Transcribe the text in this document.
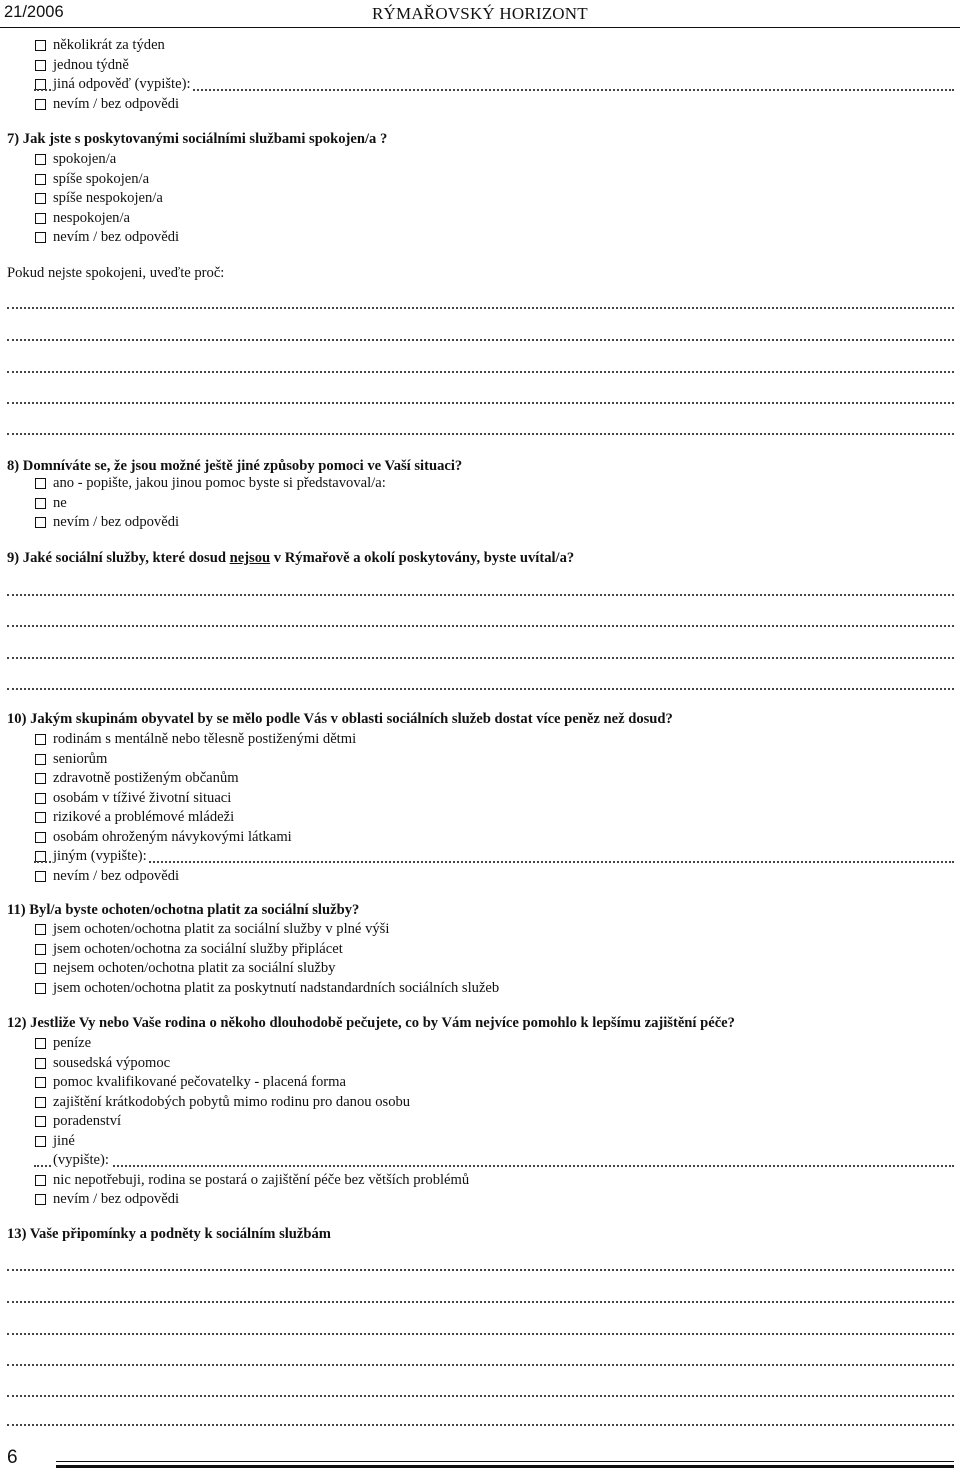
21/2006	RÝMAŘOVSKÝ HORIZONT
několikrát za týden
jednou týdně
jiná odpověď (vypište):
nevím / bez odpovědi
7) Jak jste s poskytovanými sociálními službami spokojen/a ?
spokojen/a
spíše spokojen/a
spíše nespokojen/a
nespokojen/a
nevím / bez odpovědi
Pokud nejste spokojeni, uveďte proč:
8) Domníváte se, že jsou možné ještě jiné způsoby pomoci ve Vaší situaci?
ano - popište, jakou jinou pomoc byste si představoval/a:
ne
nevím / bez odpovědi
9) Jaké sociální služby, které dosud nejsou v Rýmařově a okolí poskytovány, byste uvítal/a?
10) Jakým skupinám obyvatel by se mělo podle Vás v oblasti sociálních služeb dostat více peněz než dosud?
rodinám s mentálně nebo tělesně postiženými dětmi
seniorům
zdravotně postiženým občanům
osobám v tíživé životní situaci
rizikové a problémové mládeži
osobám ohroženým návykovými látkami
jiným (vypište):
nevím / bez odpovědi
11) Byl/a byste ochoten/ochotna platit za sociální služby?
jsem ochoten/ochotna platit za sociální služby v plné výši
jsem ochoten/ochotna za sociální služby připlácet
nejsem ochoten/ochotna platit za sociální služby
jsem ochoten/ochotna platit za poskytnutí nadstandardních sociálních služeb
12) Jestliže Vy nebo Vaše rodina o někoho dlouhodobě pečujete, co by Vám nejvíce pomohlo k lepšímu zajištění péče?
peníze
sousedská výpomoc
pomoc kvalifikované pečovatelky - placená forma
zajištění krátkodobých pobytů mimo rodinu pro danou osobu
poradenství
jiné
(vypište):
nic nepotřebuji, rodina se postará o zajištění péče bez větších problémů
nevím / bez odpovědi
13) Vaše připomínky a podněty k sociálním službám
6
